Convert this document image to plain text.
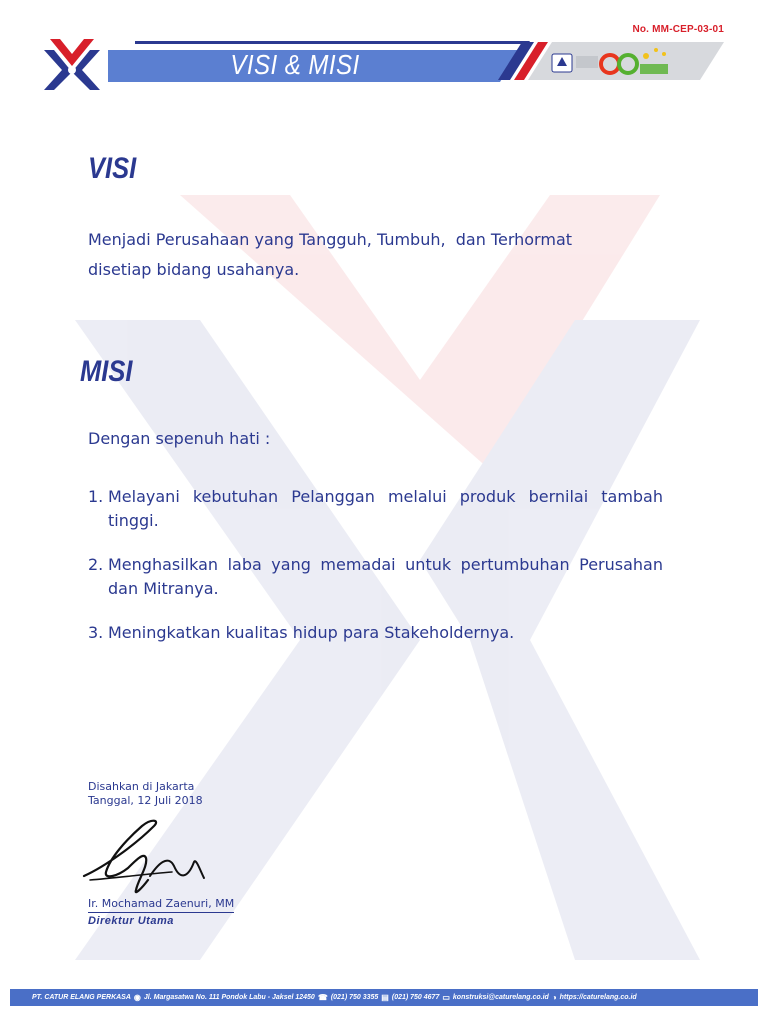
No. MM-CEP-03-01
VISI & MISI
VISI
Menjadi Perusahaan yang Tangguh, Tumbuh,  dan Terhormat
disetiap bidang usahanya.
MISI
Dengan sepenuh hati :
1. Melayani kebutuhan Pelanggan melalui produk bernilai tambah tinggi.
2. Menghasilkan laba yang memadai untuk pertumbuhan Perusahan dan Mitranya.
3. Meningkatkan kualitas hidup para Stakeholdernya.
Disahkan di Jakarta
Tanggal, 12 Juli 2018
Ir. Mochamad Zaenuri, MM
Direktur Utama
PT. CATUR ELANG PERKASA ◉ Jl. Margasatwa No. 111 Pondok Labu - Jaksel 12450 ☎ (021) 750 3355 ▤ (021) 750 4677 ▭ konstruksi@caturelang.co.id ◑ https://caturelang.co.id
